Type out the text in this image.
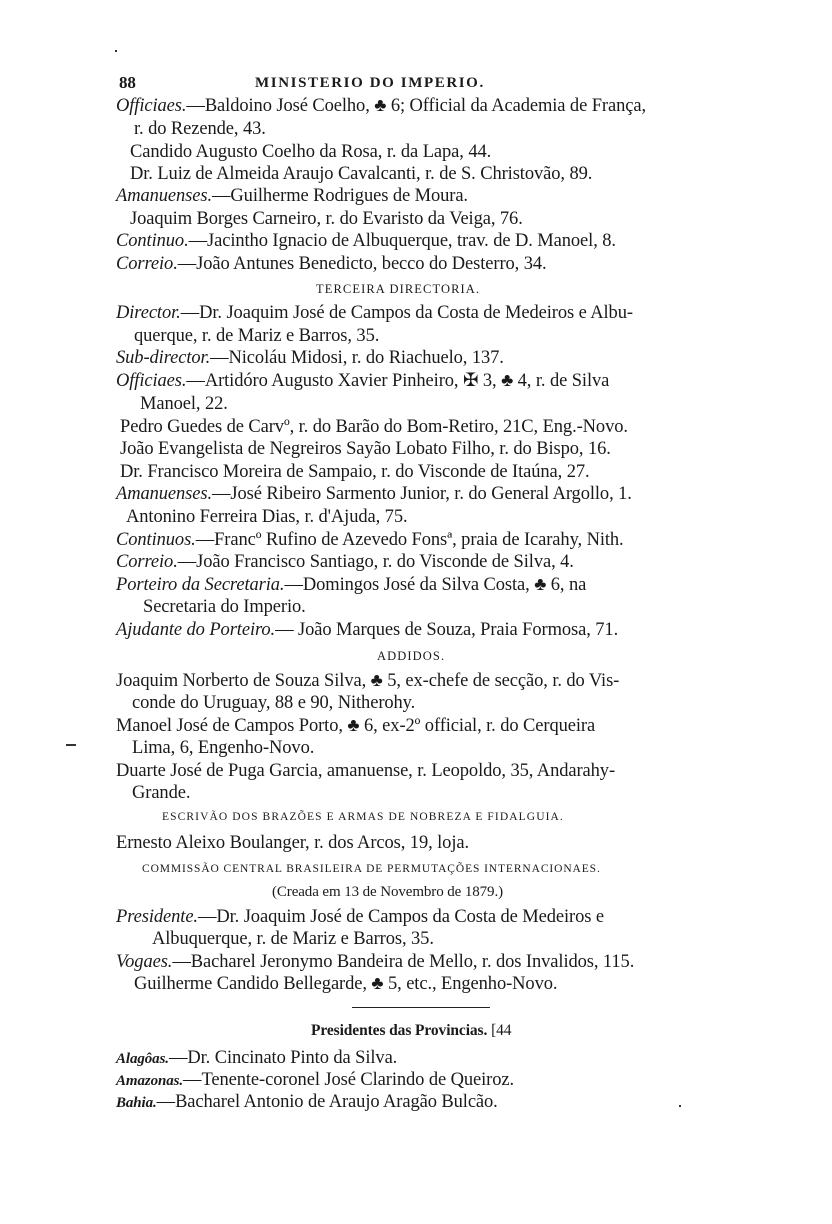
88	MINISTERIO DO IMPERIO.
Officiaes.—Baldoino José Coelho, ♣ 6; Official da Academia de França,
r. do Rezende, 43.
Candido Augusto Coelho da Rosa, r. da Lapa, 44.
Dr. Luiz de Almeida Araujo Cavalcanti, r. de S. Christovão, 89.
Amanuenses.—Guilherme Rodrigues de Moura.
Joaquim Borges Carneiro, r. do Evaristo da Veiga, 76.
Continuo.—Jacintho Ignacio de Albuquerque, trav. de D. Manoel, 8.
Correio.—João Antunes Benedicto, becco do Desterro, 34.
TERCEIRA DIRECTORIA.
Director.—Dr. Joaquim José de Campos da Costa de Medeiros e Albu-
querque, r. de Mariz e Barros, 35.
Sub-director.—Nicoláu Midosi, r. do Riachuelo, 137.
Officiaes.—Artidóro Augusto Xavier Pinheiro, ✠ 3, ♣ 4, r. de Silva
Manoel, 22.
Pedro Guedes de Carvº, r. do Barão do Bom-Retiro, 21C, Eng.-Novo.
João Evangelista de Negreiros Sayão Lobato Filho, r. do Bispo, 16.
Dr. Francisco Moreira de Sampaio, r. do Visconde de Itaúna, 27.
Amanuenses.—José Ribeiro Sarmento Junior, r. do General Argollo, 1.
Antonino Ferreira Dias, r. d'Ajuda, 75.
Continuos.—Francº Rufino de Azevedo Fonsª, praia de Icarahy, Nith.
Correio.—João Francisco Santiago, r. do Visconde de Silva, 4.
Porteiro da Secretaria.—Domingos José da Silva Costa, ♣ 6, na
Secretaria do Imperio.
Ajudante do Porteiro.— João Marques de Souza, Praia Formosa, 71.
ADDIDOS.
Joaquim Norberto de Souza Silva, ♣ 5, ex-chefe de secção, r. do Vis-
conde do Uruguay, 88 e 90, Nitherohy.
Manoel José de Campos Porto, ♣ 6, ex-2º official, r. do Cerqueira
Lima, 6, Engenho-Novo.
Duarte José de Puga Garcia, amanuense, r. Leopoldo, 35, Andarahy-
Grande.
ESCRIVÃO DOS BRAZÕES E ARMAS DE NOBREZA E FIDALGUIA.
Ernesto Aleixo Boulanger, r. dos Arcos, 19, loja.
COMMISSÃO CENTRAL BRASILEIRA DE PERMUTAÇÕES INTERNACIONAES.
(Creada em 13 de Novembro de 1879.)
Presidente.—Dr. Joaquim José de Campos da Costa de Medeiros e
Albuquerque, r. de Mariz e Barros, 35.
Vogaes.—Bacharel Jeronymo Bandeira de Mello, r. dos Invalidos, 115.
Guilherme Candido Bellegarde, ♣ 5, etc., Engenho-Novo.
Presidentes das Provincias. [44
Alagôas.—Dr. Cincinato Pinto da Silva.
Amazonas.—Tenente-coronel José Clarindo de Queiroz.
Bahia.—Bacharel Antonio de Araujo Aragão Bulcão.
